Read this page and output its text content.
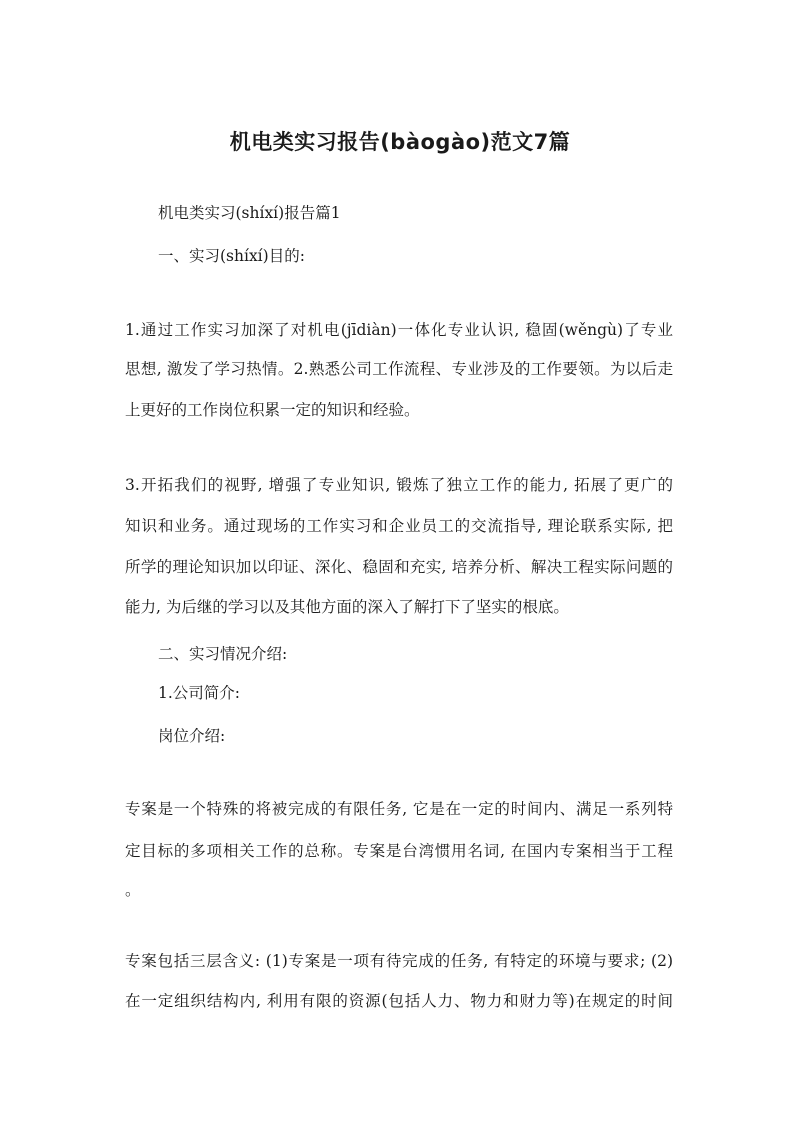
机电类实习报告(bàogào)范文7篇

机电类实习(shíxí)报告篇1

一、实习(shíxí)目的:

1.通过工作实习加深了对机电(jīdiàn)一体化专业认识, 稳固(wěngù)了专业

思想, 激发了学习热情。2.熟悉公司工作流程、专业涉及的工作要领。为以后走

上更好的工作岗位积累一定的知识和经验。

3.开拓我们的视野, 增强了专业知识, 锻炼了独立工作的能力, 拓展了更广的

知识和业务。通过现场的工作实习和企业员工的交流指导, 理论联系实际, 把

所学的理论知识加以印证、深化、稳固和充实, 培养分析、解决工程实际问题的

能力, 为后继的学习以及其他方面的深入了解打下了坚实的根底。

二、实习情况介绍:

1.公司简介:

岗位介绍:

专案是一个特殊的将被完成的有限任务, 它是在一定的时间内、满足一系列特

定目标的多项相关工作的总称。专案是台湾惯用名词, 在国内专案相当于工程

。

专案包括三层含义: (1)专案是一项有待完成的任务, 有特定的环境与要求; (2)

在一定组织结构内, 利用有限的资源(包括人力、物力和财力等)在规定的时间
